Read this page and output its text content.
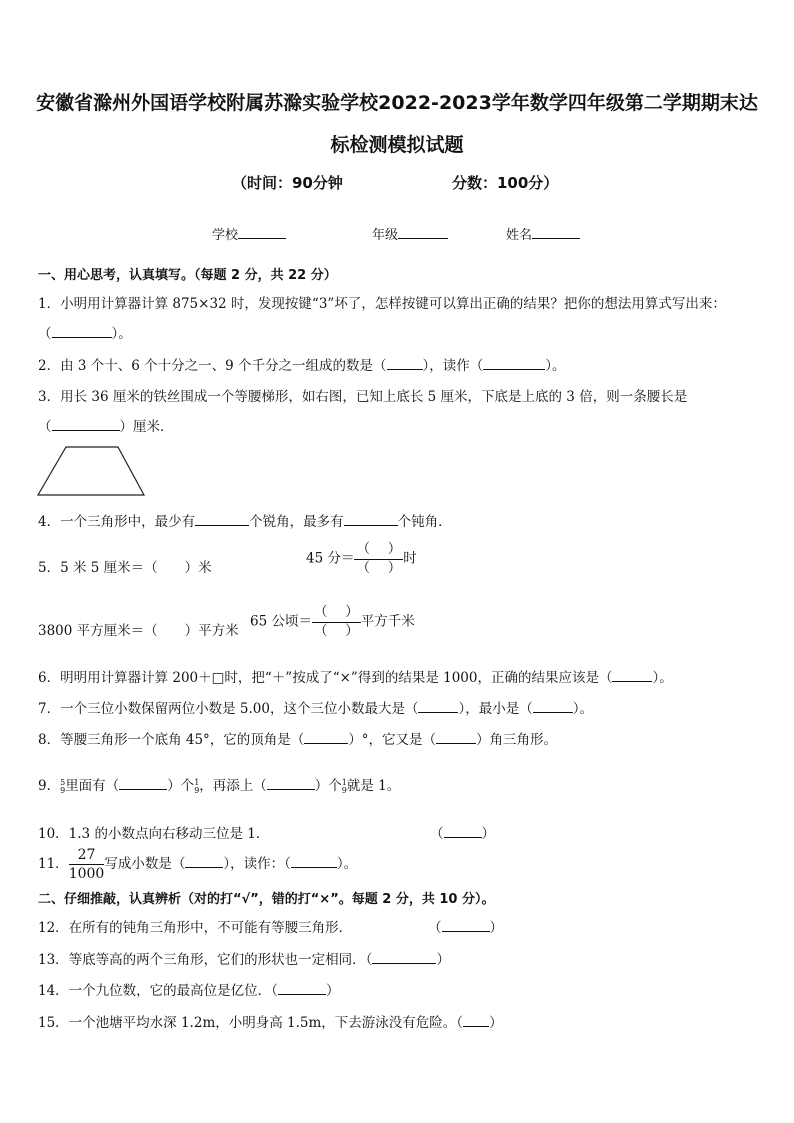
安徽省滁州外国语学校附属苏滁实验学校2022-2023学年数学四年级第二学期期末达
标检测模拟试题
（时间：90分钟	分数：100分）
学校	年级	姓名
一、用心思考，认真填写。（每题 2 分，共 22 分）
1．小明用计算器计算 875×32 时，发现按键“3”坏了，怎样按键可以算出正确的结果？把你的想法用算式写出来：
（	）。
2．由 3 个十、6 个十分之一、9 个千分之一组成的数是（	），读作（	）。
3．用长 36 厘米的铁丝围成一个等腰梯形，如右图，已知上底长 5 厘米，下底是上底的 3 倍，则一条腰长是
（	）厘米．
4．一个三角形中，最少有	个锐角，最多有	个钝角．
5．5 米 5 厘米＝（　　）米
45 分＝ $\frac{( )}{( )}$ 时
3800 平方厘米＝（　　）平方米
65 公顷＝ $\frac{( )}{( )}$ 平方千米
6．明明用计算器计算 200＋□时，把“＋”按成了“×”得到的结果是 1000，正确的结果应该是（	）。
7．一个三位小数保留两位小数是 5.00，这个三位小数最大是（	），最小是（	）。
8．等腰三角形一个底角 45°，它的顶角是（	）°，它又是（	）角三角形。
9． 5
9 里面有（	）个 1
9 ，再添上（	）个 1
9 就是 1。
10．1.3 的小数点向右移动三位是 1．	（	）
11． $\frac{27}{1000}$ 写成小数是（	），读作：（	）。
二、仔细推敲，认真辨析（对的打“√”，错的打“×”。每题 2 分，共 10 分）。
12．在所有的钝角三角形中，不可能有等腰三角形．	（	）
13．等底等高的两个三角形，它们的形状也一定相同．（	）
14．一个九位数，它的最高位是亿位．（	）
15．一个池塘平均水深 1.2m，小明身高 1.5m，下去游泳没有危险。（ ）
